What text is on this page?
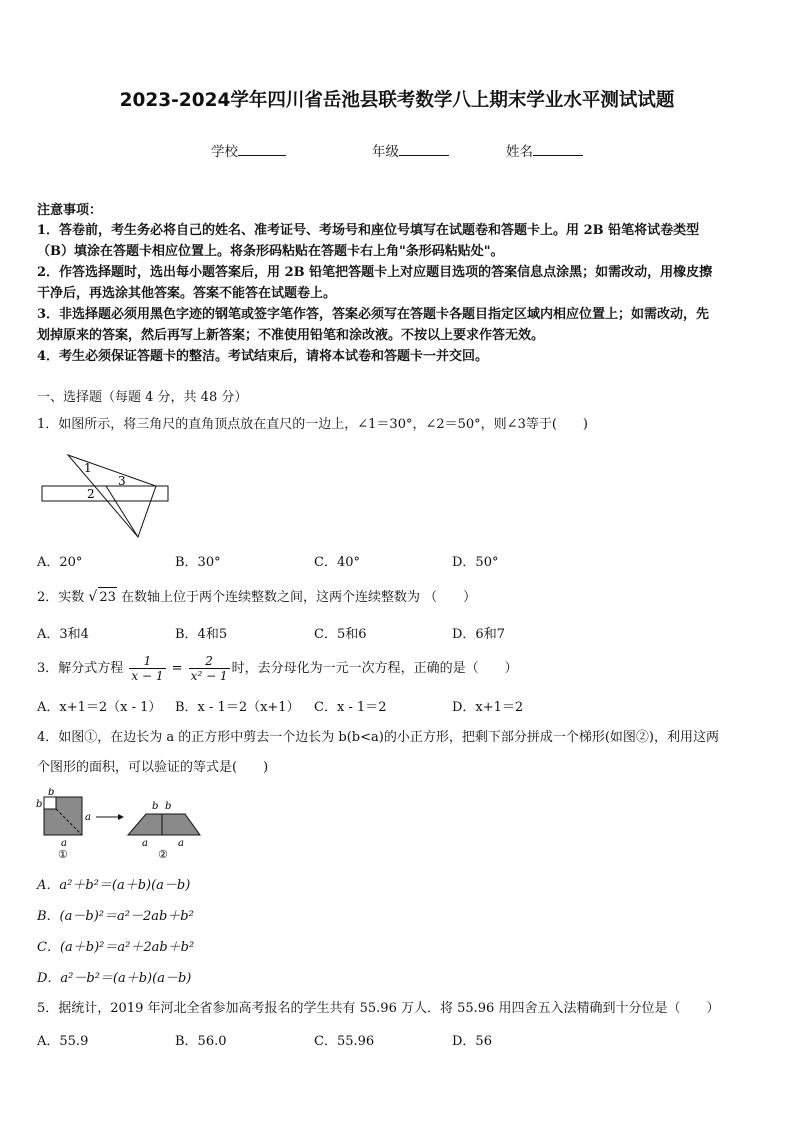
2023-2024学年四川省岳池县联考数学八上期末学业水平测试试题
学校	年级	姓名
注意事项：
1．答卷前，考生务必将自己的姓名、准考证号、考场号和座位号填写在试题卷和答题卡上。用 2B 铅笔将试卷类型
（B）填涂在答题卡相应位置上。将条形码粘贴在答题卡右上角"条形码粘贴处"。
2．作答选择题时，选出每小题答案后，用 2B 铅笔把答题卡上对应题目选项的答案信息点涂黑；如需改动，用橡皮擦
干净后，再选涂其他答案。答案不能答在试题卷上。
3．非选择题必须用黑色字迹的钢笔或签字笔作答，答案必须写在答题卡各题目指定区域内相应位置上；如需改动，先
划掉原来的答案，然后再写上新答案；不准使用铅笔和涂改液。不按以上要求作答无效。
4．考生必须保证答题卡的整洁。考试结束后，请将本试卷和答题卡一并交回。
一、选择题（每题 4 分，共 48 分）
1．如图所示，将三角尺的直角顶点放在直尺的一边上，∠1＝30°，∠2＝50°，则∠3等于(　　)
1
2
3
A．20°	B．30°	C．40°	D．50°
2．实数 √ 23 在数轴上位于两个连续整数之间，这两个连续整数为 （　　）
A．3和4	B．4和5	C．5和6	D．6和7
3．解分式方程 $\frac{1}{x - 1} = \frac{2}{\text{x² − 1}}$ 时，去分母化为一元一次方程，正确的是（　　）
A．x+1＝2（x - 1） B．x - 1＝2（x+1） C．x - 1＝2	D．x+1＝2
4．如图①，在边长为 a 的正方形中剪去一个边长为 b(b<a)的小正方形，把剩下部分拼成一个梯形(如图②)，利用这两
个图形的面积，可以验证的等式是(　　)
b
b
a
a
①
b b
a	a
②
A．a²＋b²＝(a＋b)(a－b)
B．(a－b)²＝a²－2ab＋b²
C．(a＋b)²＝a²＋2ab＋b²
D．a²－b²＝(a＋b)(a－b)
5．据统计，2019 年河北全省参加高考报名的学生共有 55.96 万人．将 55.96 用四舍五入法精确到十分位是（　　）
A．55.9	B．56.0	C．55.96	D．56
